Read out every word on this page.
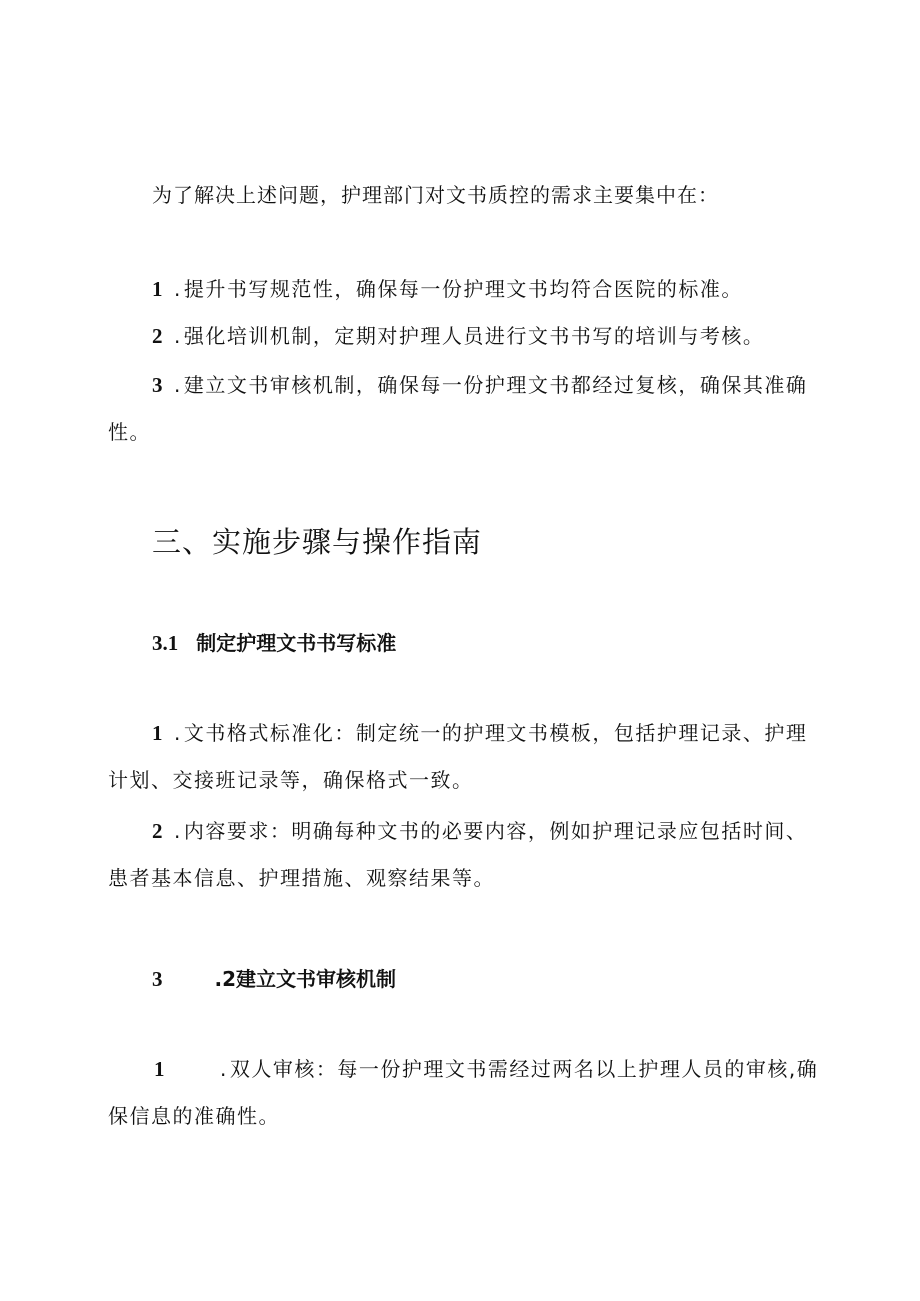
为了解决上述问题，护理部门对文书质控的需求主要集中在：
1 . 提升书写规范性，确保每一份护理文书均符合医院的标准。
2 . 强化培训机制，定期对护理人员进行文书书写的培训与考核。
3 . 建立文书审核机制，确保每一份护理文书都经过复核，确保其准确性。
三、实施步骤与操作指南
3.1 制定护理文书书写标准
1 . 文书格式标准化：制定统一的护理文书模板，包括护理记录、护理计划、交接班记录等，确保格式一致。
2 . 内容要求：明确每种文书的必要内容，例如护理记录应包括时间、患者基本信息、护理措施、观察结果等。
3	.2建立文书审核机制
1	. 双人审核：每一份护理文书需经过两名以上护理人员的审核,确保信息的准确性。
